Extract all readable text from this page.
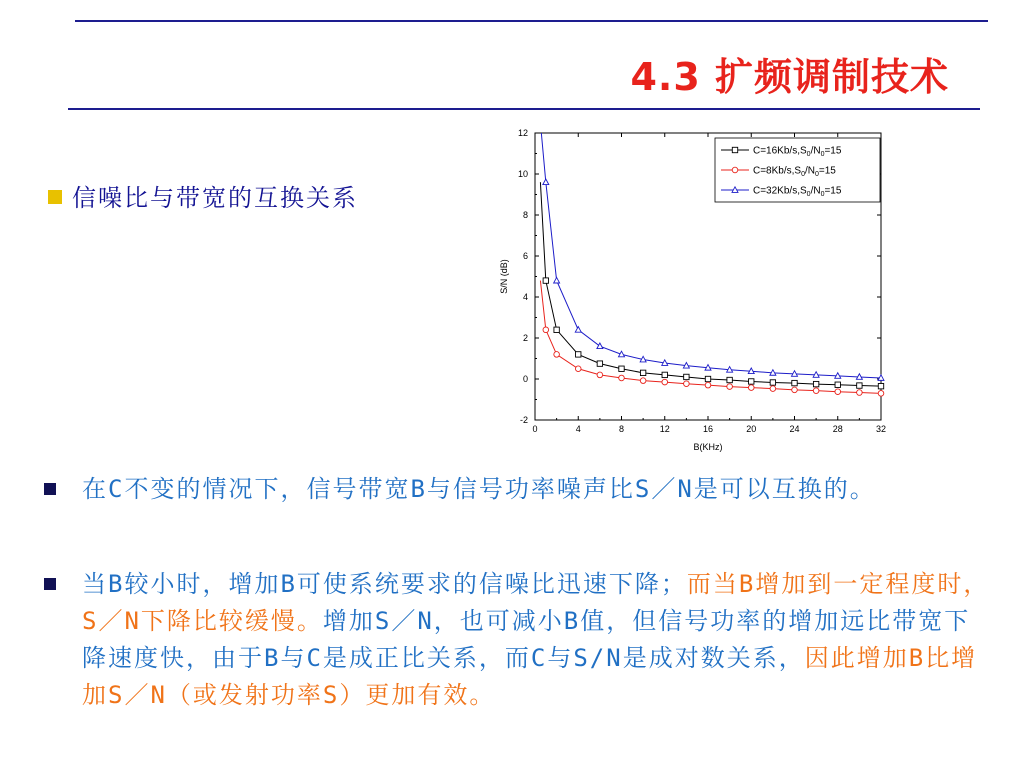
4.3 扩频调制技术
信噪比与带宽的互换关系
0	4	8	12	16	20	24	28	32
-2
0
2
4
6
8
10
12
B(KHz)
S/N (dB)
$C=16Kb/s,S_0/N_0=15$
$C=8Kb/s,S_0/N_0=15$
$C=32Kb/s,S_0/N_0=15$
在C不变的情况下，信号带宽B与信号功率噪声比S／N是可以互换的。
当B较小时，增加B可使系统要求的信噪比迅速下降；而当B增加到一定程度时，S／N下降比较缓慢。增加S／N，也可减小B值，但信号功率的增加远比带宽下降速度快，由于B与C是成正比关系，而C与S/N是成对数关系，因此增加B比增加S／N（或发射功率S）更加有效。
